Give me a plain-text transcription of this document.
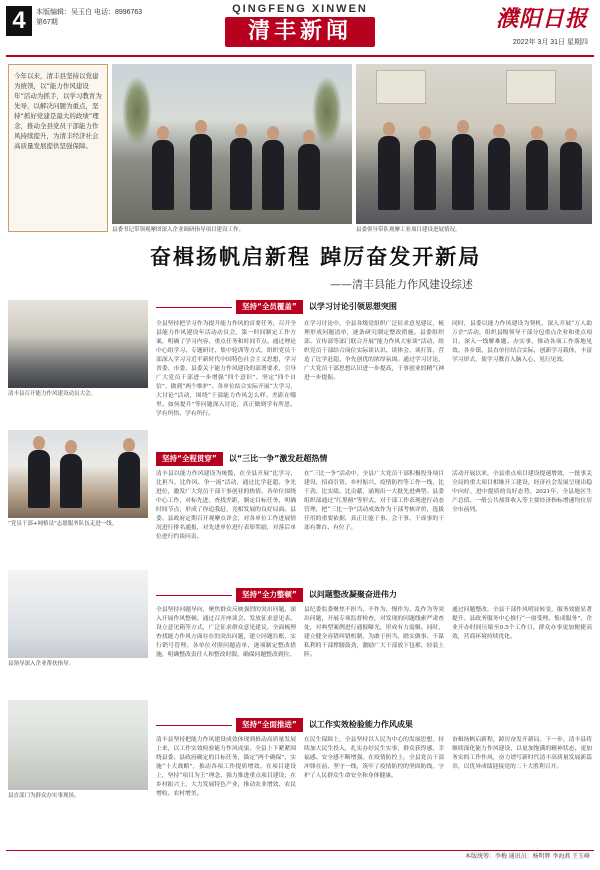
4	本版编辑：吴玉白 电话：8996763
第67期
QINGFENG XINWEN
清丰新闻	濮阳日报
2022年 3月 31日 星期四
今年以来，清丰县坚持以党建为统领，以“能力作风建设年”活动为抓手，以学习教育为先导，以解决问题为重点，坚持“抓好党建是最大的政绩”理念，推动全县党员干部能力作风持续提升，为清丰经济社会高质量发展提供坚强保障。
县委书记带领观摩团深入企业调研指导项目建设工作。	县委领导带队观摩工业项目建设进展情况。
奋楫扬帆启新程 踔厉奋发开新局
——清丰县能力作风建设综述
清丰县召开能力作风建设动员大会。
“党员干部+网格员”志愿服务队伍走进一线。
县领导深入企业帮扶指导。
县直部门为群众办实事现场。
坚持“全员覆盖”	以学习讨论引领思想突围
全县坚持把学习作为提升能力作风的首要任务，召开全县能力作风建设年活动动员会，第一时间制定工作方案，明确了学习内容、重点任务和时间节点。通过理论中心组学习、专题研讨、集中轮训等方式，组织党员干部深入学习习近平新时代中国特色社会主义思想，学习省委、市委、县委关于能力作风建设的部署要求，引导广大党员干部进一步增强“四个意识”、坚定“四个自信”、做到“两个维护”。各单位结合实际开展“大学习、大讨论”活动，围绕“干部能力作风怎么样、差距在哪里、如何提升”等问题深入讨论，真正做到学有所思、学有所悟、学有所行。
在学习讨论中，全县各级党组织广泛征求意见建议，梳理形成问题清单，逐条研究制定整改措施。县委组织部、宣传部等部门联合开展“能力作风大家谈”活动，组织党员干部结合岗位实际谈认识、谈体会、谈打算，营造了比学赶超、争先创优的浓厚氛围。通过学习讨论，广大党员干部思想认识进一步提高，干事创业的精气神进一步提振。
同时，县委以能力作风建设为契机，深入开展“万人助万企”活动，组织县级领导干部分包重点企业和重点项目，深入一线解难题、办实事，推动各项工作落地见效。各乡镇、县直单位结合实际，创新学习载体，丰富学习形式，使学习教育入脑入心、见行见效。
坚持“全程贯穿”	以“三比一争”激发赶超热情
清丰县以能力作风建设为统揽，在全县开展“比学习、比担当、比作风、争一流”活动，通过比学赶超、争先进位，激发广大党员干部干事创业的热情。各单位围绕中心工作，对标先进、查找差距，制定目标任务，明确时间节点，形成了你追我赶、竞相发展的良好局面。县委、县政府定期召开观摩点评会，对各单位工作进展情况进行排名通报，对先进单位进行表彰奖励，对落后单位进行约谈问责。
在“三比一争”活动中，全县广大党员干部积极投身项目建设、招商引资、乡村振兴、疫情防控等工作一线，比干劲、比实绩、比贡献，涌现出一大批先进典型。县委组织部通过“红黑榜”等形式，对干部工作表现进行动态管理，把“三比一争”活动成效作为干部考核评价、选拔任用的重要依据，真正让能干事、会干事、干成事的干部有舞台、有位子。
活动开展以来，全县重点项目建设提速增效，一批事关全局的重大项目相继开工建设，经济社会发展呈现出稳中向好、进中提质的良好态势。2021年，全县地区生产总值、一般公共预算收入等主要经济指标增速均位居全市前列。
坚持“全力整顿”	以问题整改凝聚奋进伟力
全县坚持问题导向，聚焦群众反映强烈的突出问题，深入开展作风整顿。通过召开座谈会、发放征求意见表、设立意见箱等方式，广泛征求群众意见建议，全面梳理查找能力作风方面存在的突出问题，建立问题台账，实行销号管理。各单位对照问题清单，逐项制定整改措施，明确整改责任人和整改时限，确保问题整改到位。
县纪委监委聚焦不担当、不作为、慢作为、乱作为等突出问题，开展专项监督检查，对发现的问题线索严肃查处，对典型案例进行通报曝光，形成有力震慑。同时，建立健全容错纠错机制，为敢于担当、踏实做事、不谋私利的干部撑腰鼓劲，激励广大干部放下包袱、轻装上阵。
通过问题整改，全县干部作风明显转变，服务效能显著提升。县政务服务中心推行“一窗受理、集成服务”，企业开办时间压缩至0.5个工作日，群众办事更加便捷高效，营商环境持续优化。
坚持“全面推进”	以工作实效检验能力作风成果
清丰县坚持把能力作风建设成效体现到推动高质量发展上来，以工作实效检验能力作风成果。全县上下紧紧围绕县委、县政府确定的目标任务，锚定“两个确保”，实施“十大战略”，推动各项工作提质增效。在项目建设上，坚持“项目为王”理念，强力推进重点项目建设；在乡村振兴上，大力发展特色产业，推动农业增效、农民增收、农村增美。
在民生保障上，全县坚持以人民为中心的发展思想，持续加大民生投入，扎实办好民生实事，群众获得感、幸福感、安全感不断增强。在疫情防控上，全县党员干部冲锋在前、坚守一线，筑牢了疫情防控的坚固防线，守护了人民群众生命安全和身体健康。
奋楫扬帆启新程，踔厉奋发开新局。下一步，清丰县将继续深化能力作风建设，以更加饱满的精神状态、更加务实的工作作风，奋力谱写新时代清丰高质量发展新篇章，以优异成绩迎接党的二十大胜利召开。
本版统筹：李梅 通讯员：杨明辉 李海燕 王玉峰
